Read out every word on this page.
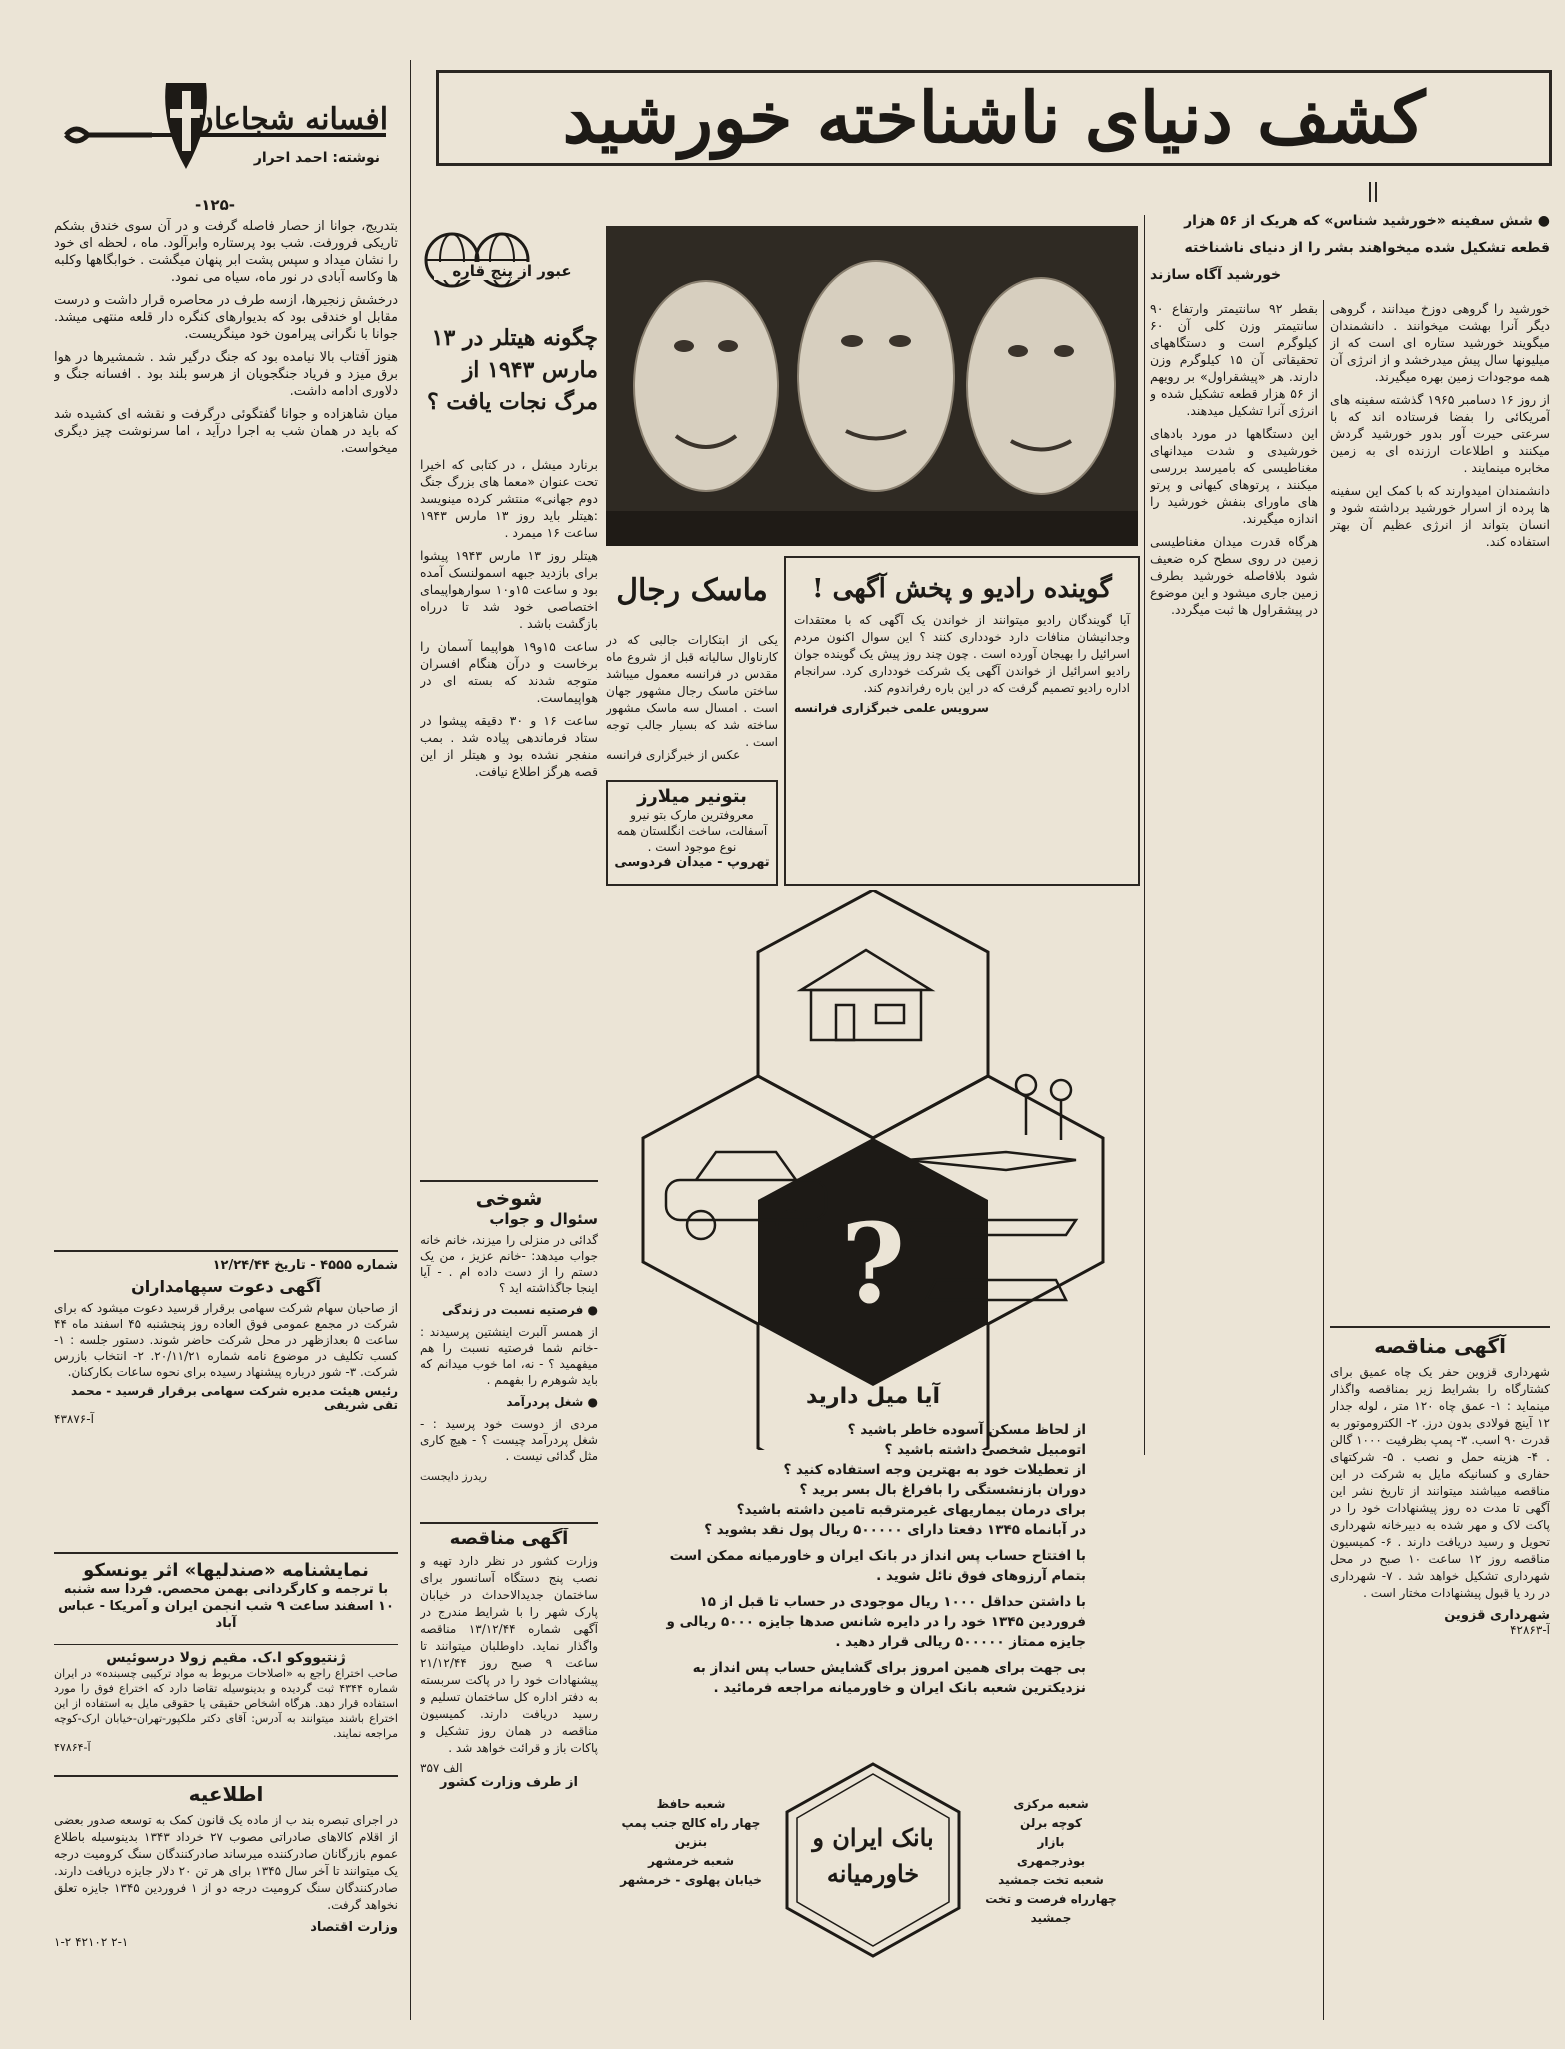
کشف دنیای ناشناخته خورشید
● شش سفینه «خورشید شناس» که هریک از ۵۶ هزار
قطعه تشکیل شده میخواهند بشر را از دنیای ناشناخته
خورشید آگاه سازند
افسانه شجاعان
نوشته: احمد احرار
-۱۲۵-

بتدریج، جوانا از حصار فاصله گرفت و در آن سوی خندق بشکم تاریکی فرورفت. شب بود پرستاره وابرآلود. ماه ، لحظه ای خود را نشان میداد و سپس پشت ابر پنهان میگشت . خوابگاهها وکلبه ها وکاسه آبادی در نور ماه، سیاه می نمود.

درخشش زنجیرها، ازسه طرف در محاصره قرار داشت و درست مقابل او خندقی بود که بدیوارهای کنگره دار قلعه منتهی میشد. جوانا با نگرانی پیرامون خود مینگریست.

هنوز آفتاب بالا نیامده بود که جنگ درگیر شد . شمشیرها در هوا برق میزد و فریاد جنگجویان از هرسو بلند بود . افسانه جنگ و دلاوری ادامه داشت.

میان شاهزاده و جوانا گفتگوئی درگرفت و نقشه ای کشیده شد که باید در همان شب به اجرا درآید ، اما سرنوشت چیز دیگری میخواست.

شماره ۴۵۵۵ - تاریخ ۱۲/۲۴/۴۴
آگهی دعوت سپهامداران
از صاحبان سهام شرکت سهامی برقرار قرسید دعوت میشود که برای شرکت در مجمع عمومی فوق العاده روز پنجشنبه ۴۵ اسفند ماه ۴۴ ساعت ۵ بعدازظهر در محل شرکت حاضر شوند. دستور جلسه : ۱- کسب تکلیف در موضوع نامه شماره ۲۰/۱۱/۲۱. ۲- انتخاب بازرس شرکت. ۳- شور درباره پیشنهاد رسیده برای نحوه ساعات بکارکنان.
رئیس هیئت مدیره شرکت سهامی برقرار قرسید - محمد تقی شریفی
آ-۴۳۸۷۶
نمایشنامه «صندلیها» اثر یونسکو
با ترجمه و کارگردانی بهمن محصص. فردا سه شنبه ۱۰ اسفند ساعت ۹ شب انجمن ایران و آمریکا - عباس آباد
ژنتیووکو ا.ک. مقیم زولا درسوئیس
صاحب اختراع راجع به «اصلاحات مربوط به مواد ترکیبی چسبنده» در ایران شماره ۴۳۴۴ ثبت گردیده و بدینوسیله تقاضا دارد که اختراع فوق را مورد استفاده قرار دهد. هرگاه اشخاص حقیقی یا حقوقی مایل به استفاده از این اختراع باشند میتوانند به آدرس: آقای دکتر ملکپور-تهران-خیابان ارک-کوچه مراجعه نمایند.
آ-۴۷۸۶۴
اطلاعیه
در اجرای تبصره بند ب از ماده یک قانون کمک به توسعه صدور بعضی از اقلام کالاهای صادراتی مصوب ۲۷ خرداد ۱۳۴۳ بدینوسیله باطلاع عموم بازرگانان صادرکننده میرساند صادرکنندگان سنگ کرومیت درجه یک میتوانند تا آخر سال ۱۳۴۵ برای هر تن ۲۰ دلار جایزه دریافت دارند. صادرکنندگان سنگ کرومیت درجه دو از ۱ فروردین ۱۳۴۵ جایزه تعلق نخواهد گرفت.
وزارت اقتصاد
۲-۱ ۴۲۱۰۲ ۱-۲
عبور از پنج قاره
چگونه هیتلر در ۱۳ مارس ۱۹۴۳ از مرگ نجات یافت ؟

برنارد میشل ، در کتابی که اخیرا تحت عنوان «معما های بزرگ جنگ دوم جهانی» منتشر کرده مینویسد :هیتلر باید روز ۱۳ مارس ۱۹۴۳ ساعت ۱۶ میمرد .

هیتلر روز ۱۳ مارس ۱۹۴۳ پیشوا برای بازدید جبهه اسمولنسک آمده بود و ساعت ۱۵و۱۰ سوارهواپیمای اختصاصی خود شد تا درراه بازگشت باشد .

ساعت ۱۵و۱۹ هواپیما آسمان را برخاست و درآن هنگام افسران متوجه شدند که بسته ای در هواپیماست.

ساعت ۱۶ و ۳۰ دقیقه پیشوا در ستاد فرماندهی پیاده شد . بمب منفجر نشده بود و هیتلر از این قصه هرگز اطلاع نیافت.

شوخی
سئوال و جواب

گدائی در منزلی را میزند، خانم خانه جواب میدهد: -خانم عزیز ، من یک دستم را از دست داده ام . - آیا اینجا جاگذاشته اید ؟

● فرصتیه نسبت در زندگی

از همسر آلبرت اینشتین پرسیدند : -خانم شما فرصتیه نسبت را هم میفهمید ؟ - نه، اما خوب میدانم که باید شوهرم را بفهمم .

● شغل پردرآمد

مردی از دوست خود پرسید : - شغل پردرآمد چیست ؟ - هیچ کاری مثل گدائی نیست .

ریدرز دایجست
آگهی مناقصه
وزارت کشور در نظر دارد تهیه و نصب پنج دستگاه آسانسور برای ساختمان جدیدالاحداث در خیابان پارک شهر را با شرایط مندرج در آگهی شماره ۱۳/۱۲/۴۴ مناقصه واگذار نماید. داوطلبان میتوانند تا ساعت ۹ صبح روز ۲۱/۱۲/۴۴ پیشنهادات خود را در پاکت سربسته به دفتر اداره کل ساختمان تسلیم و رسید دریافت دارند. کمیسیون مناقصه در همان روز تشکیل و پاکات باز و قرائت خواهد شد .
الف ۳۵۷
از طرف وزارت کشور
ماسک رجال
یکی از ابتکارات جالبی که در کارناوال سالیانه قبل از شروع ماه مقدس در فرانسه معمول میباشد ساختن ماسک رجال مشهور جهان است . امسال سه ماسک مشهور ساخته شد که بسیار جالب توجه است .
عکس از خبرگزاری فرانسه
گوینده رادیو و پخش آگهی !
آیا گویندگان رادیو میتوانند از خواندن یک آگهی که با معتقدات وجدانیشان منافات دارد خودداری کنند ؟ این سوال اکنون مردم اسرائیل را بهیجان آورده است . چون چند روز پیش یک گوینده جوان رادیو اسرائیل از خواندن آگهی یک شرکت خودداری کرد. سرانجام اداره رادیو تصمیم گرفت که در این باره رفراندوم کند.
سرویس علمی خبرگزاری فرانسه
بتونیر میلارز
معروفترین مارک بتو نیرو آسفالت، ساخت انگلستان همه نوع موجود است .
تهروپ - میدان فردوسی
?
آیا میل دارید
از لحاظ مسکن آسوده خاطر باشید ؟
اتومبیل شخصی داشته باشید ؟
از تعطیلات خود به بهترین وجه استفاده کنید ؟
دوران بازنشستگی را بافراغ بال بسر برید ؟
برای درمان بیماریهای غیرمترقبه تامین داشته باشید؟
در آبانماه ۱۳۴۵ دفعتا دارای ۵۰۰۰۰۰ ریال پول نقد بشوید ؟
با افتتاح حساب پس انداز در بانک ایران و خاورمیانه ممکن است بتمام آرزوهای فوق نائل شوید .
با داشتن حداقل ۱۰۰۰ ریال موجودی در حساب تا قبل از ۱۵ فروردین ۱۳۴۵ خود را در دایره شانس صدها جایزه ۵۰۰۰ ریالی و جایزه ممتاز ۵۰۰۰۰۰ ریالی قرار دهید .
بی جهت برای همین امروز برای گشایش حساب پس انداز به نزدیکترین شعبه بانک ایران و خاورمیانه مراجعه فرمائید .
بانک ایران و خاورمیانه
شعبه مرکزی
کوچه برلن
بازار
بوذرجمهری
شعبه تخت جمشید
چهارراه فرصت و تخت جمشید
شعبه حافظ
چهار راه کالج جنب پمپ بنزین
شعبه خرمشهر
خیابان پهلوی - خرمشهر

بقطر ۹۲ سانتیمتر وارتفاع ۹۰ سانتیمتر وزن کلی آن ۶۰ کیلوگرم است و دستگاههای تحقیقاتی آن ۱۵ کیلوگرم وزن دارند. هر «پیشقراول» بر رویهم از ۵۶ هزار قطعه تشکیل شده و انرژی آنرا تشکیل میدهند.

این دستگاهها در مورد بادهای خورشیدی و شدت میدانهای مغناطیسی که بامیرسد بررسی میکنند ، پرتوهای کیهانی و پرتو های ماورای بنفش خورشید را اندازه میگیرند.

هرگاه قدرت میدان مغناطیسی زمین در روی سطح کره ضعیف شود بلافاصله خورشید بطرف زمین جاری میشود و این موضوع در پیشقراول ها ثبت میگردد.

خورشید را گروهی دوزخ میدانند ، گروهی دیگر آنرا بهشت میخوانند . دانشمندان میگویند خورشید ستاره ای است که از میلیونها سال پیش میدرخشد و از انرژی آن همه موجودات زمین بهره میگیرند.

از روز ۱۶ دسامبر ۱۹۶۵ گذشته سفینه های آمریکائی را بفضا فرستاده اند که با سرعتی حیرت آور بدور خورشید گردش میکنند و اطلاعات ارزنده ای به زمین مخابره مینمایند .

دانشمندان امیدوارند که با کمک این سفینه ها پرده از اسرار خورشید برداشته شود و انسان بتواند از انرژی عظیم آن بهتر استفاده کند.

آگهی مناقصه
شهرداری قزوین حفر یک چاه عمیق برای کشتارگاه را بشرایط زیر بمناقصه واگذار مینماید : ۱- عمق چاه ۱۲۰ متر ، لوله جدار ۱۲ آینچ فولادی بدون درز. ۲- الکتروموتور به قدرت ۹۰ اسب. ۳- پمپ بظرفیت ۱۰۰۰ گالن . ۴- هزینه حمل و نصب . ۵- شرکتهای حفاری و کسانیکه مایل به شرکت در این مناقصه میباشند میتوانند از تاریخ نشر این آگهی تا مدت ده روز پیشنهادات خود را در پاکت لاک و مهر شده به دبیرخانه شهرداری تحویل و رسید دریافت دارند . ۶- کمیسیون مناقصه روز ۱۲ ساعت ۱۰ صبح در محل شهرداری تشکیل خواهد شد . ۷- شهرداری در رد یا قبول پیشنهادات مختار است .
شهرداری قزوین
آ-۴۲۸۶۳
